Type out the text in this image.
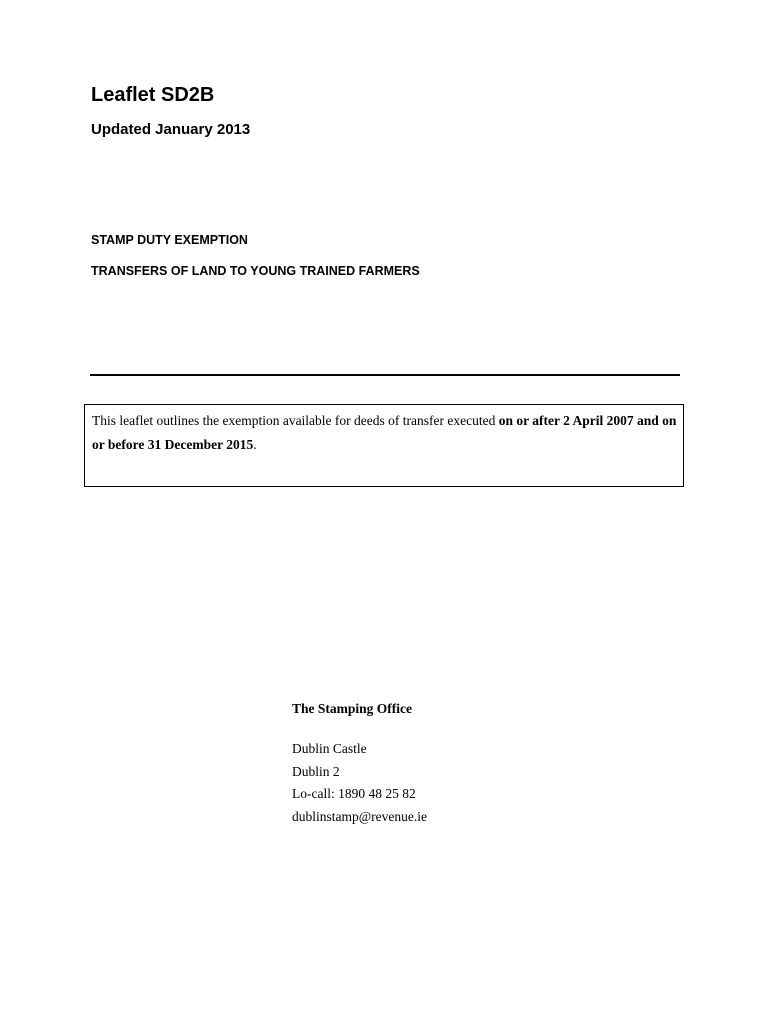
Leaflet SD2B
Updated January 2013
STAMP DUTY EXEMPTION
TRANSFERS OF LAND TO YOUNG TRAINED FARMERS
This leaflet outlines the exemption available for deeds of transfer executed on or after 2 April 2007 and on or before 31 December 2015.

The Stamping Office

Dublin Castle

Dublin 2

Lo-call: 1890 48 25 82

dublinstamp@revenue.ie
